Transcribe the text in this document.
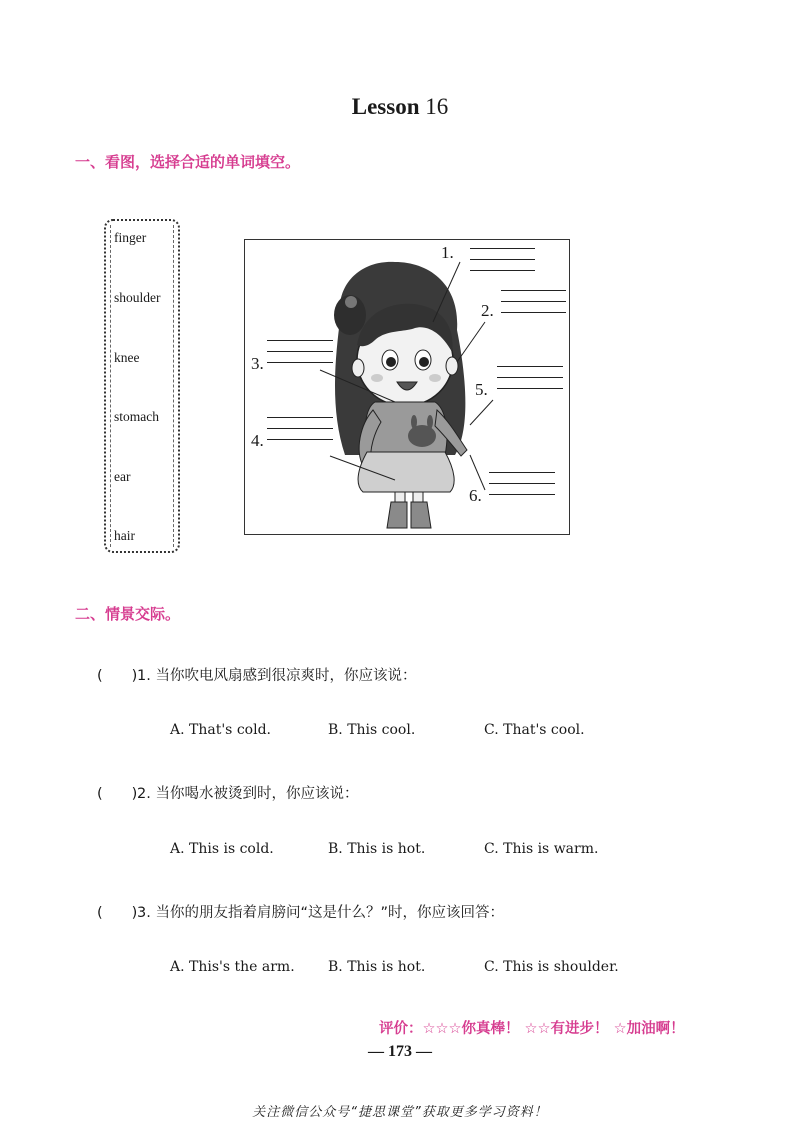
Lesson 16
一、看图，选择合适的单词填空。
finger
shoulder
knee
stomach
ear
hair
1.
2.
3.
5.
4.
6.
二、情景交际。
(　　) 1. 当你吹电风扇感到很凉爽时，你应该说：
A. That's cold.	B. This cool.	C. That's cool.
(　　) 2. 当你喝水被烫到时，你应该说：
A. This is cold.	B. This is hot.	C. This is warm.
(　　) 3. 当你的朋友指着肩膀问“这是什么？”时，你应该回答：
A. This's the arm. B. This is hot.	C. This is shoulder.
评价：☆☆☆你真棒！ ☆☆有进步！ ☆加油啊！
— 173 —
关注微信公众号“捷思课堂”获取更多学习资料！
